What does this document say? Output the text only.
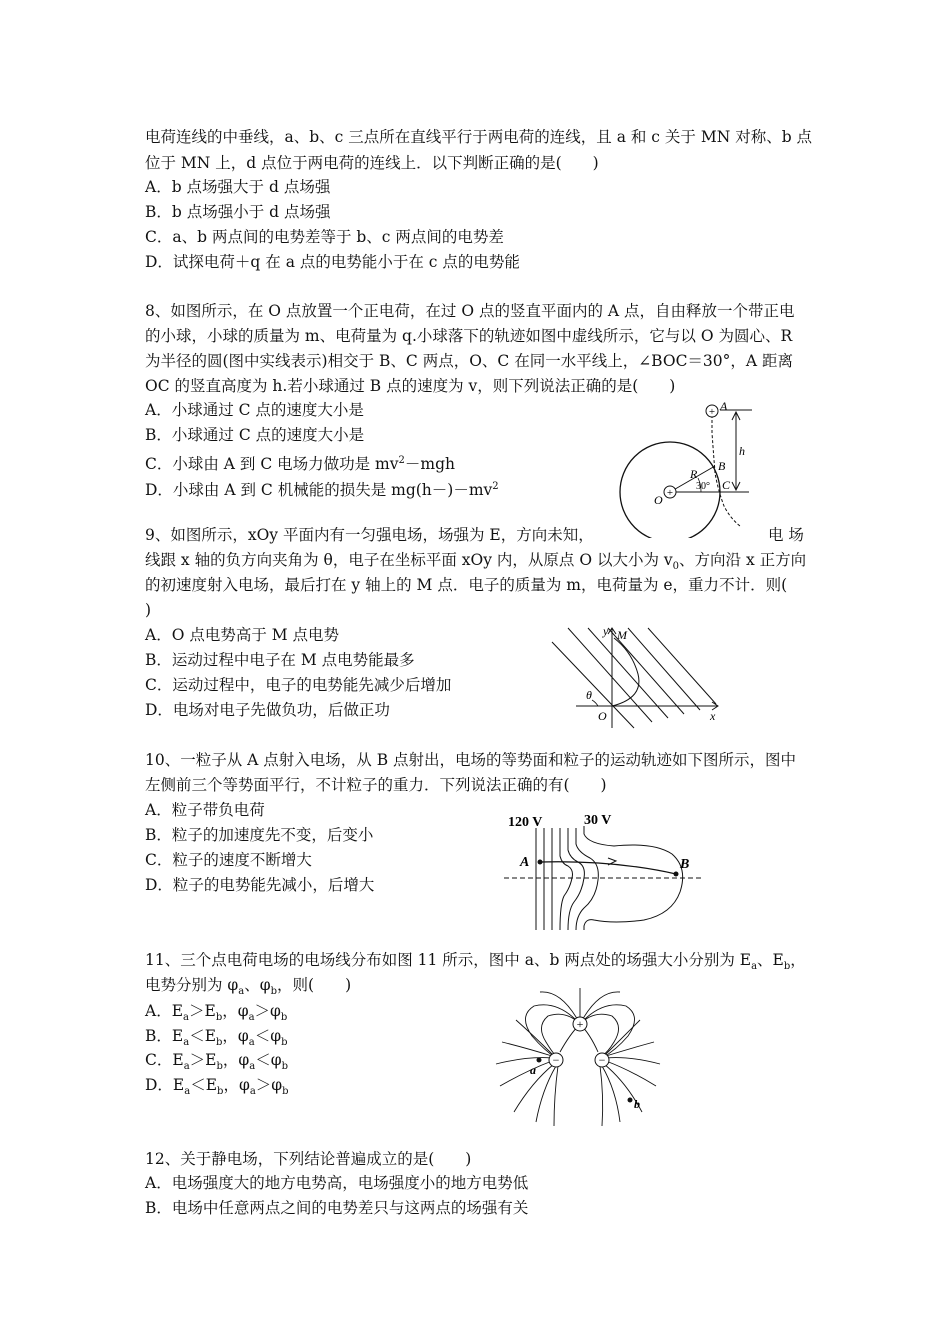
电荷连线的中垂线，a、b、c 三点所在直线平行于两电荷的连线，且 a 和 c 关于 MN 对称、b 点
位于 MN 上，d 点位于两电荷的连线上．以下判断正确的是(　　)
A．b 点场强大于 d 点场强
B．b 点场强小于 d 点场强
C．a、b 两点间的电势差等于 b、c 两点间的电势差
D．试探电荷＋q 在 a 点的电势能小于在 c 点的电势能
8、如图所示，在 O 点放置一个正电荷，在过 O 点的竖直平面内的 A 点，自由释放一个带正电
的小球，小球的质量为 m、电荷量为 q.小球落下的轨迹如图中虚线所示，它与以 O 为圆心、R
为半径的圆(图中实线表示)相交于 B、C 两点，O、C 在同一水平线上，∠BOC＝30°，A 距离
OC 的竖直高度为 h.若小球通过 B 点的速度为 v，则下列说法正确的是(　　)
A．小球通过 C 点的速度大小是
B．小球通过 C 点的速度大小是
C．小球由 A 到 C 电场力做功是 $mv^2-mgh$
D．小球由 A 到 C 机械能的损失是 $mg(h-)-mv^2$
+
+
A
B
C
O
R
h
30°
9、如图所示，xOy 平面内有一匀强电场，场强为 E，方向未知，	电 场
线跟 x 轴的负方向夹角为 θ，电子在坐标平面 xOy 内，从原点 O 以大小为 $v_0$、方向沿 x 正方向
的初速度射入电场，最后打在 y 轴上的 M 点．电子的质量为 m，电荷量为 e，重力不计．则(
)
A．O 点电势高于 M 点电势
B．运动过程中电子在 M 点电势能最多
C．运动过程中，电子的电势能先减少后增加
D．电场对电子先做负功，后做正功
y M
θ
O	x
10、一粒子从 A 点射入电场，从 B 点射出，电场的等势面和粒子的运动轨迹如下图所示，图中
左侧前三个等势面平行，不计粒子的重力．下列说法正确的有(　　)
A．粒子带负电荷
B．粒子的加速度先不变，后变小
C．粒子的速度不断增大
D．粒子的电势能先减小，后增大
120 V	30 V
A	B
11、三个点电荷电场的电场线分布如图 11 所示，图中 a、b 两点处的场强大小分别为 $E_a$、$E_b$，
电势分别为 $\varphi_a$、$\varphi_b$，则(　　)
A．$E_a>E_b$，$\varphi_a>\varphi_b$
B．$E_a<E_b$，$\varphi_a<\varphi_b$
C．$E_a>E_b$，$\varphi_a<\varphi_b$
D．$E_a<E_b$，$\varphi_a>\varphi_b$
+
−	−
a
b
12、关于静电场，下列结论普遍成立的是(　　)
A．电场强度大的地方电势高，电场强度小的地方电势低
B．电场中任意两点之间的电势差只与这两点的场强有关
